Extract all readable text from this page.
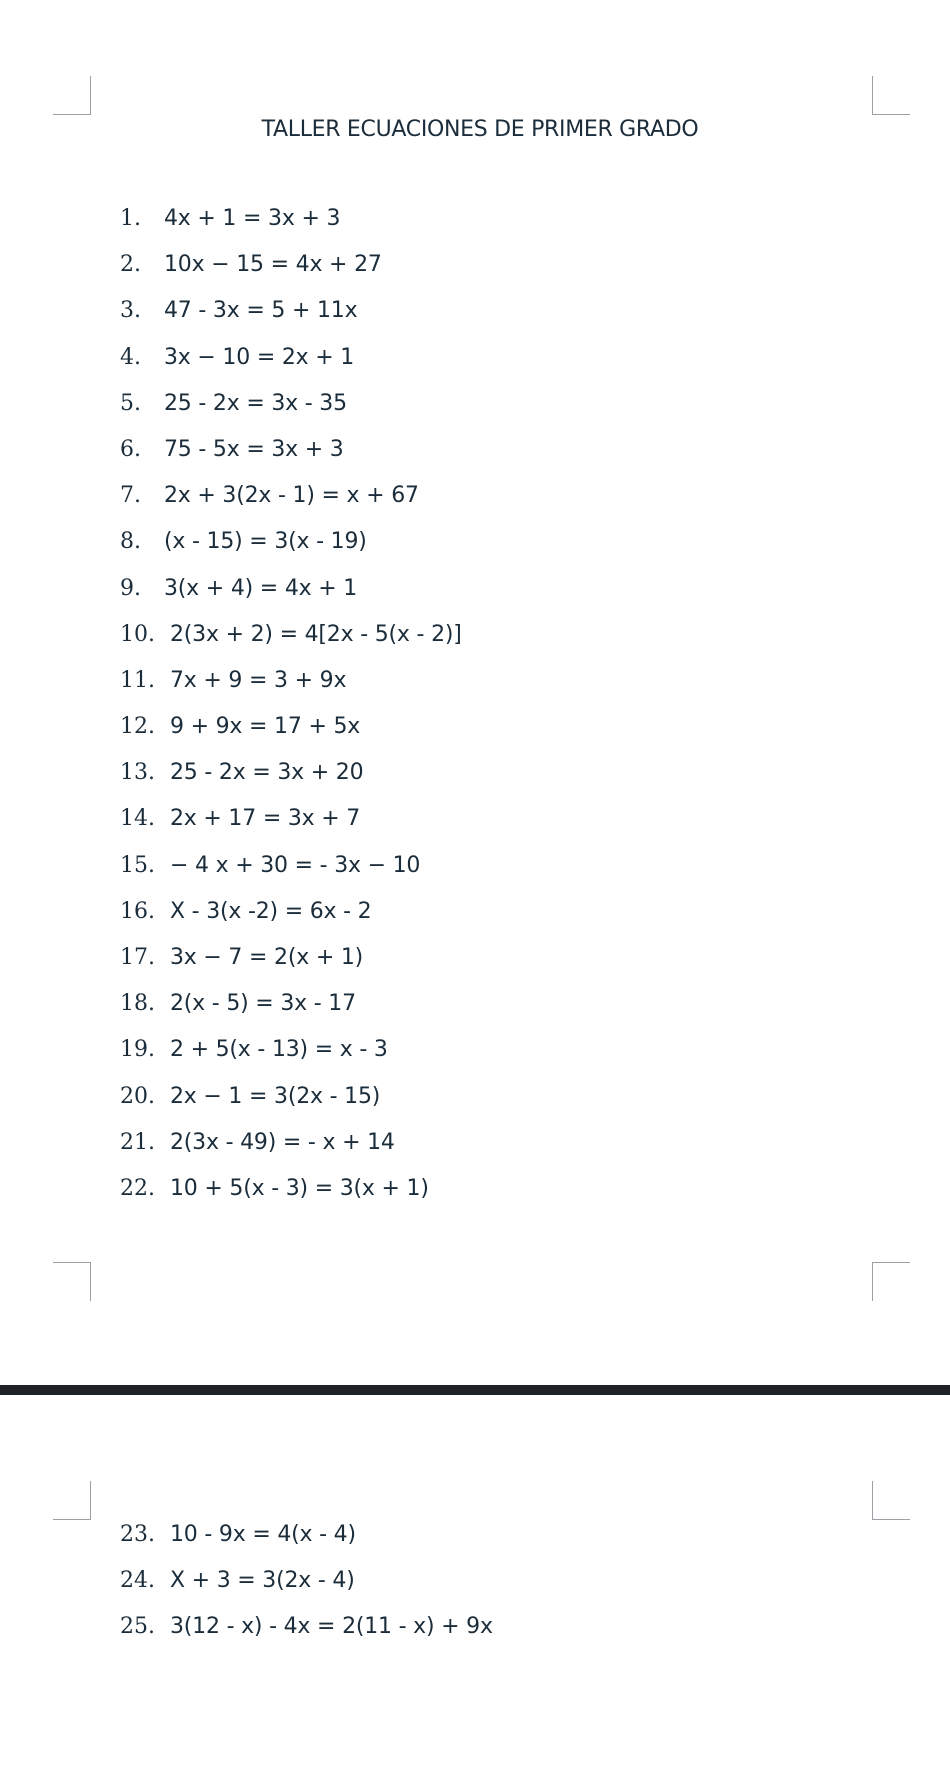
TALLER ECUACIONES DE PRIMER GRADO
1.	4x + 1 = 3x + 3
2.	10x − 15 = 4x + 27
3.	47 - 3x = 5 + 11x
4.	3x − 10 = 2x + 1
5.	25 - 2x = 3x - 35
6.	75 - 5x = 3x + 3
7.	2x + 3(2x - 1) = x + 67
8.	(x - 15) = 3(x - 19)
9.	3(x + 4) = 4x + 1
10. 2(3x + 2) = 4[2x - 5(x - 2)]
11. 7x + 9 = 3 + 9x
12. 9 + 9x = 17 + 5x
13. 25 - 2x = 3x + 20
14. 2x + 17 = 3x + 7
15. − 4 x + 30 = - 3x − 10
16. X - 3(x -2) = 6x - 2
17. 3x − 7 = 2(x + 1)
18. 2(x - 5) = 3x - 17
19. 2 + 5(x - 13) = x - 3
20. 2x − 1 = 3(2x - 15)
21. 2(3x - 49) = - x + 14
22. 10 + 5(x - 3) = 3(x + 1)
23. 10 - 9x = 4(x - 4)
24. X + 3 = 3(2x - 4)
25. 3(12 - x) - 4x = 2(11 - x) + 9x
